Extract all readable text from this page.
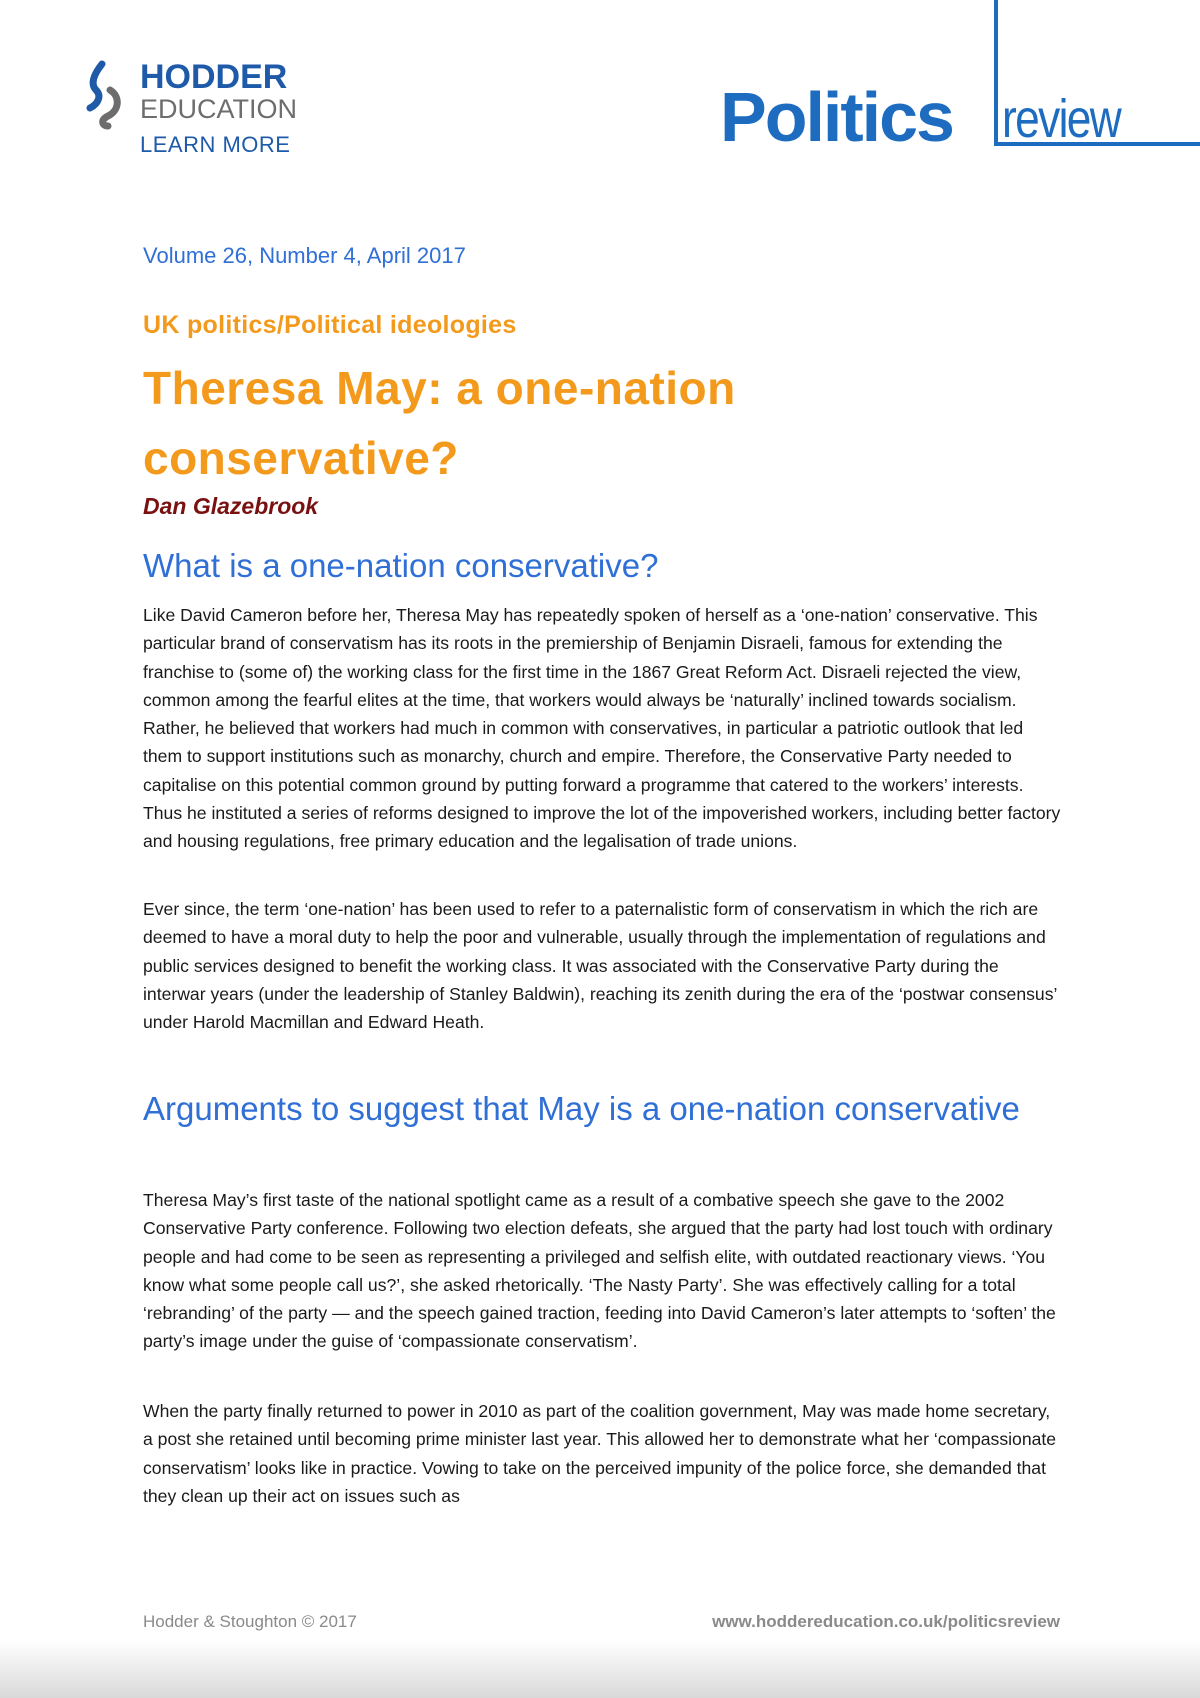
HODDER
EDUCATION
LEARN MORE	Politics review
Volume 26, Number 4, April 2017
UK politics/Political ideologies
Theresa May: a one-nation conservative?
Dan Glazebrook
What is a one-nation conservative?

Like David Cameron before her, Theresa May has repeatedly spoken of herself as a ‘one-nation’ conservative. This particular brand of conservatism has its roots in the premiership of Benjamin Disraeli, famous for extending the franchise to (some of) the working class for the first time in the 1867 Great Reform Act. Disraeli rejected the view, common among the fearful elites at the time, that workers would always be ‘naturally’ inclined towards socialism. Rather, he believed that workers had much in common with conservatives, in particular a patriotic outlook that led them to support institutions such as monarchy, church and empire. Therefore, the Conservative Party needed to capitalise on this potential common ground by putting forward a programme that catered to the workers’ interests. Thus he instituted a series of reforms designed to improve the lot of the impoverished workers, including better factory and housing regulations, free primary education and the legalisation of trade unions.

Ever since, the term ‘one-nation’ has been used to refer to a paternalistic form of conservatism in which the rich are deemed to have a moral duty to help the poor and vulnerable, usually through the implementation of regulations and public services designed to benefit the working class. It was associated with the Conservative Party during the interwar years (under the leadership of Stanley Baldwin), reaching its zenith during the era of the ‘postwar consensus’ under Harold Macmillan and Edward Heath.

Arguments to suggest that May is a one-nation conservative

Theresa May’s first taste of the national spotlight came as a result of a combative speech she gave to the 2002 Conservative Party conference. Following two election defeats, she argued that the party had lost touch with ordinary people and had come to be seen as representing a privileged and selfish elite, with outdated reactionary views. ‘You know what some people call us?’, she asked rhetorically. ‘The Nasty Party’. She was effectively calling for a total ‘rebranding’ of the party — and the speech gained traction, feeding into David Cameron’s later attempts to ‘soften’ the party’s image under the guise of ‘compassionate conservatism’.

When the party finally returned to power in 2010 as part of the coalition government, May was made home secretary, a post she retained until becoming prime minister last year. This allowed her to demonstrate what her ‘compassionate conservatism’ looks like in practice. Vowing to take on the perceived impunity of the police force, she demanded that they clean up their act on issues such as

Hodder & Stoughton © 2017	www.hoddereducation.co.uk/politicsreview
